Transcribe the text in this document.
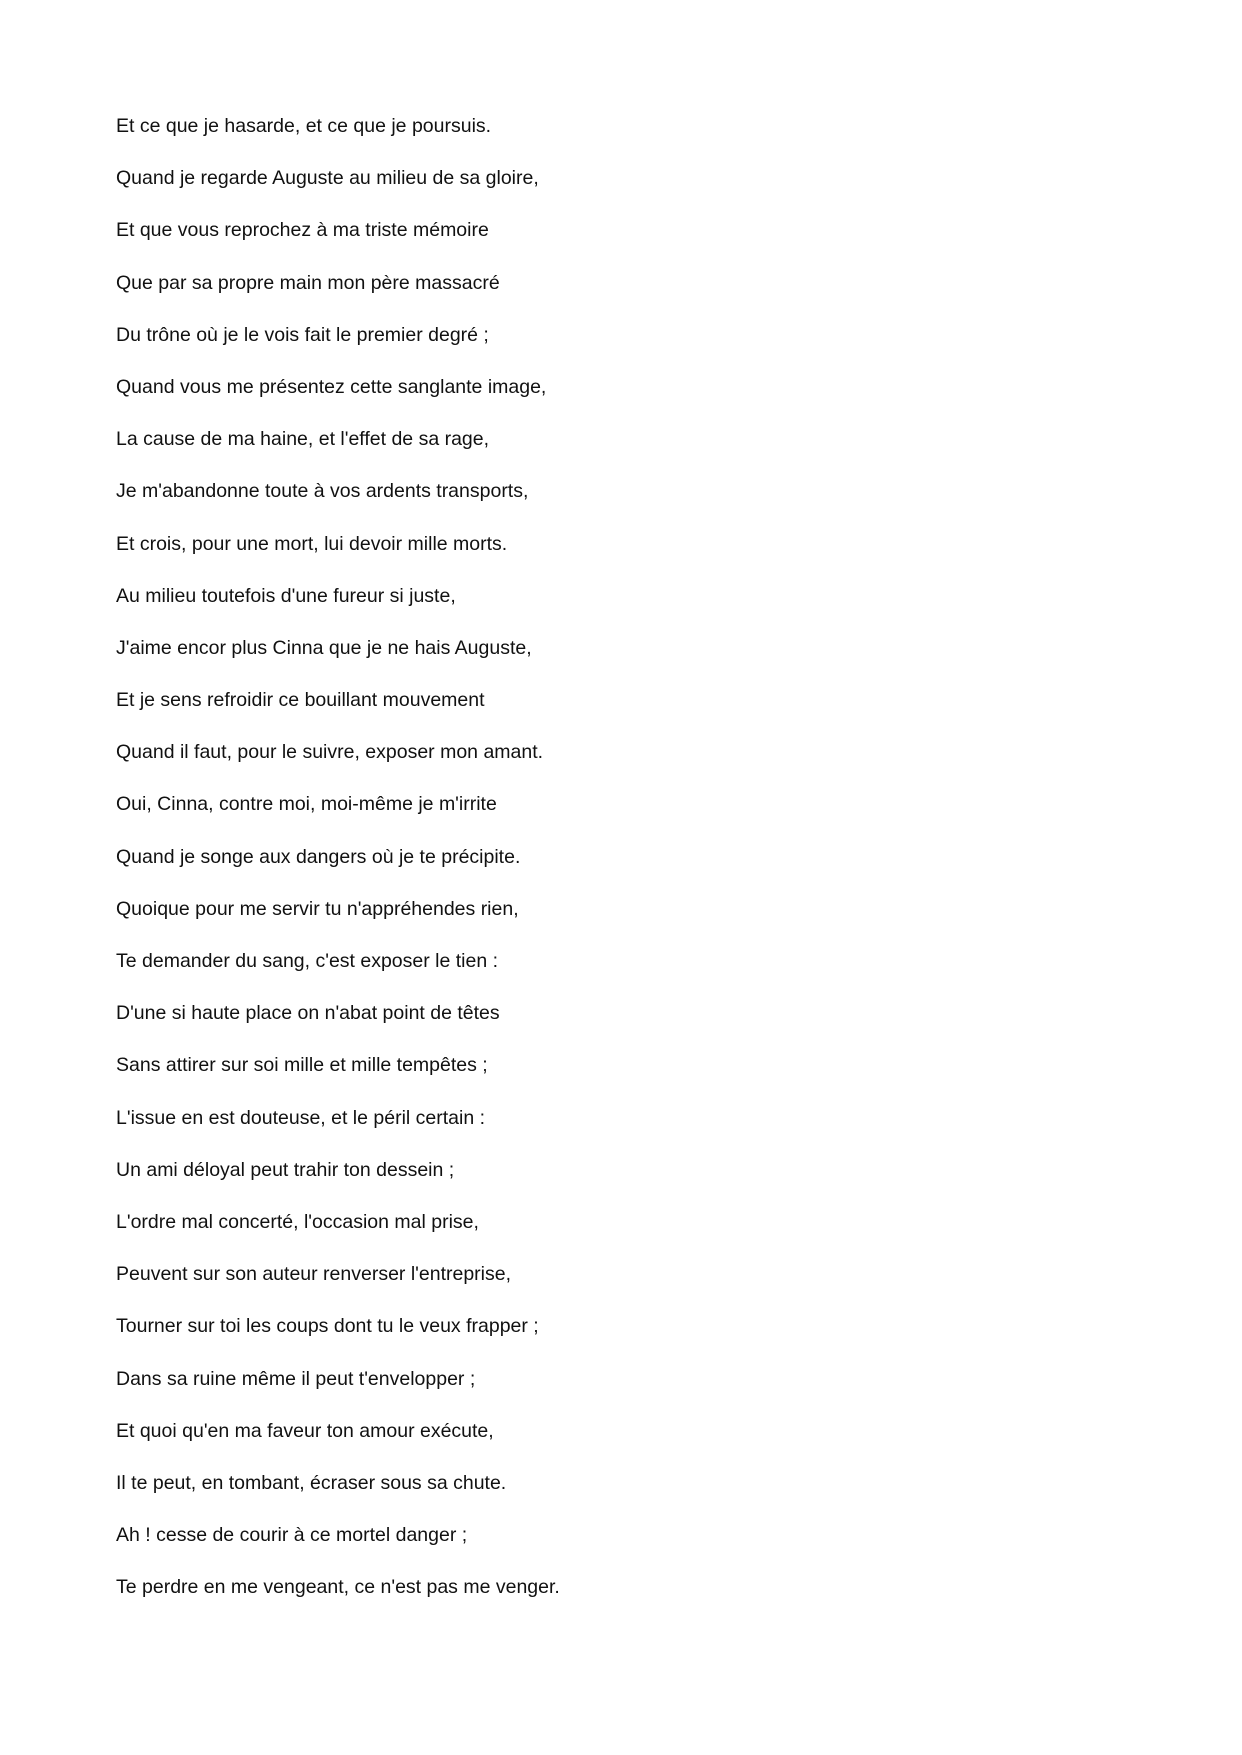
Et ce que je hasarde, et ce que je poursuis.
Quand je regarde Auguste au milieu de sa gloire,
Et que vous reprochez à ma triste mémoire
Que par sa propre main mon père massacré
Du trône où je le vois fait le premier degré ;
Quand vous me présentez cette sanglante image,
La cause de ma haine, et l'effet de sa rage,
Je m'abandonne toute à vos ardents transports,
Et crois, pour une mort, lui devoir mille morts.
Au milieu toutefois d'une fureur si juste,
J'aime encor plus Cinna que je ne hais Auguste,
Et je sens refroidir ce bouillant mouvement
Quand il faut, pour le suivre, exposer mon amant.
Oui, Cinna, contre moi, moi-même je m'irrite
Quand je songe aux dangers où je te précipite.
Quoique pour me servir tu n'appréhendes rien,
Te demander du sang, c'est exposer le tien :
D'une si haute place on n'abat point de têtes
Sans attirer sur soi mille et mille tempêtes ;
L'issue en est douteuse, et le péril certain :
Un ami déloyal peut trahir ton dessein ;
L'ordre mal concerté, l'occasion mal prise,
Peuvent sur son auteur renverser l'entreprise,
Tourner sur toi les coups dont tu le veux frapper ;
Dans sa ruine même il peut t'envelopper ;
Et quoi qu'en ma faveur ton amour exécute,
Il te peut, en tombant, écraser sous sa chute.
Ah ! cesse de courir à ce mortel danger ;
Te perdre en me vengeant, ce n'est pas me venger.
